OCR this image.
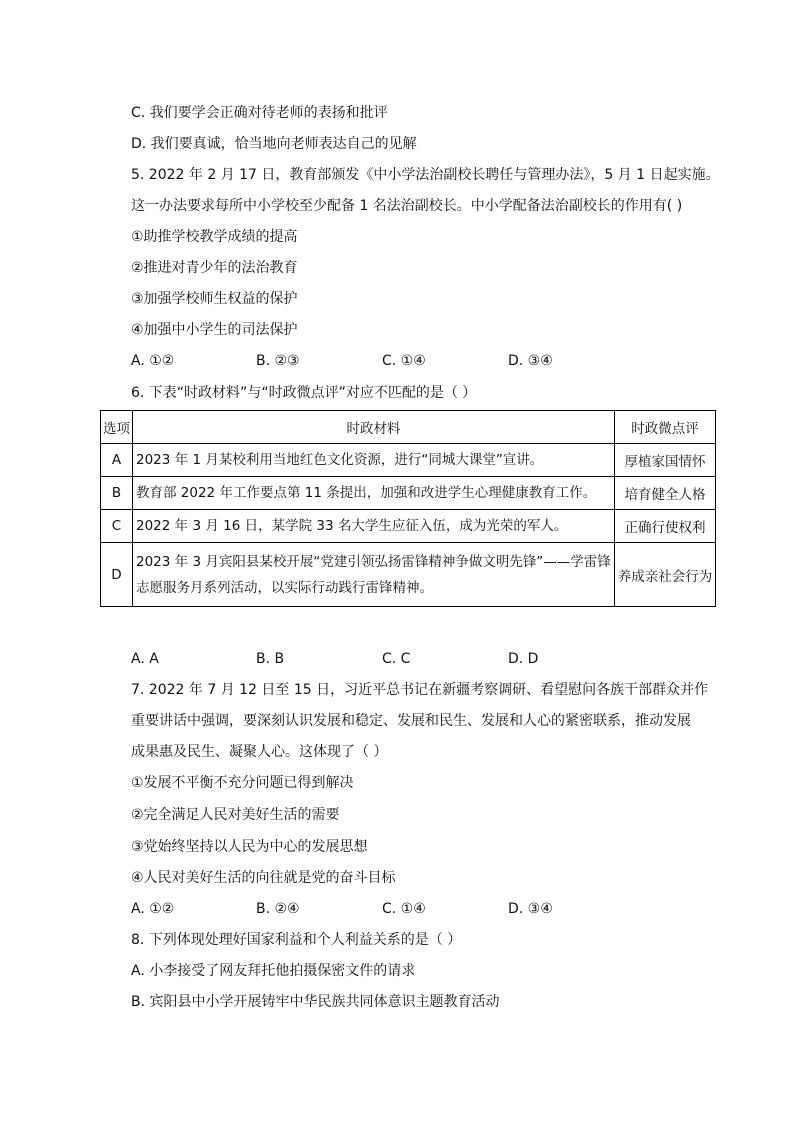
C. 我们要学会正确对待老师的表扬和批评
D. 我们要真诚，恰当地向老师表达自己的见解
5. 2022 年 2 月 17 日，教育部颁发《中小学法治副校长聘任与管理办法》，5 月 1 日起实施。
这一办法要求每所中小学校至少配备 1 名法治副校长。中小学配备法治副校长的作用有( )
①助推学校教学成绩的提高
②推进对青少年的法治教育
③加强学校师生权益的保护
④加强中小学生的司法保护
A. ①②	B. ②③	C. ①④	D. ③④
6. 下表“时政材料”与“时政微点评”对应不匹配的是（ ）
选项	时政材料	时政微点评
A	2023 年 1 月某校利用当地红色文化资源，进行“同城大课堂”宣讲。	厚植家国情怀
B	教育部 2022 年工作要点第 11 条提出，加强和改进学生心理健康教育工作。	培育健全人格
C	2022 年 3 月 16 日，某学院 33 名大学生应征入伍，成为光荣的军人。	正确行使权利
D	2023 年 3 月宾阳县某校开展“党建引领弘扬雷锋精神争做文明先锋”——学雷锋志愿服务月系列活动，以实际行动践行雷锋精神。	养成亲社会行为
A. A	B. B	C. C	D. D
7. 2022 年 7 月 12 日至 15 日，习近平总书记在新疆考察调研、看望慰问各族干部群众并作
重要讲话中强调，要深刻认识发展和稳定、发展和民生、发展和人心的紧密联系，推动发展
成果惠及民生、凝聚人心。这体现了（ ）
①发展不平衡不充分问题已得到解决
②完全满足人民对美好生活的需要
③党始终坚持以人民为中心的发展思想
④人民对美好生活的向往就是党的奋斗目标
A. ①②	B. ②④	C. ①④	D. ③④
8. 下列体现处理好国家利益和个人利益关系的是（ ）
A. 小李接受了网友拜托他拍摄保密文件的请求
B. 宾阳县中小学开展铸牢中华民族共同体意识主题教育活动
